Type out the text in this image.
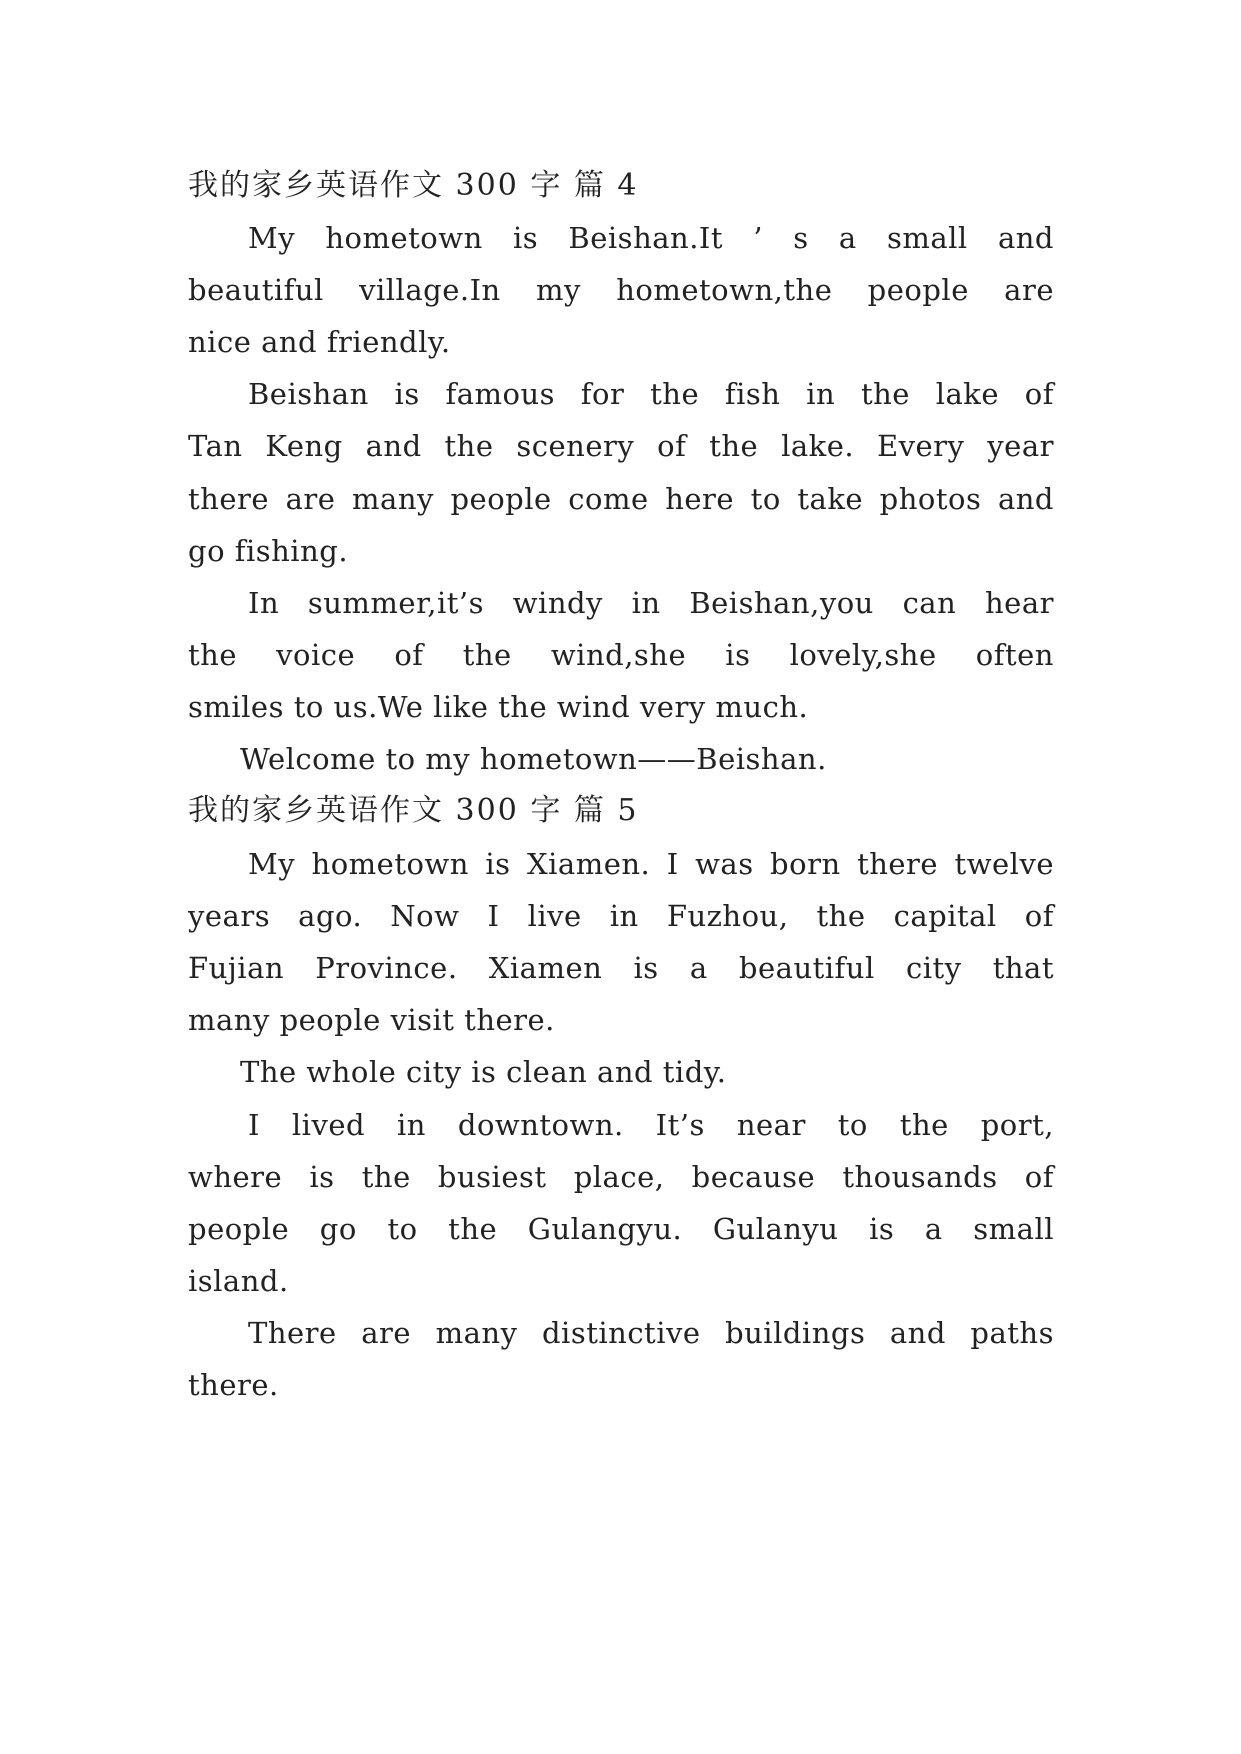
我的家乡英语作文 300 字 篇 4
My hometown is Beishan.It ’ s a small and
beautiful village.In my hometown,the people are
nice and friendly.
Beishan is famous for the fish in the lake of
Tan Keng and the scenery of the lake. Every year
there are many people come here to take photos and
go fishing.
In summer,it’s windy in Beishan,you can hear
the voice of the wind,she is lovely,she often
smiles to us.We like the wind very much.
Welcome to my hometown——Beishan.
我的家乡英语作文 300 字 篇 5
My hometown is Xiamen. I was born there twelve
years ago. Now I live in Fuzhou, the capital of
Fujian Province. Xiamen is a beautiful city that
many people visit there.
The whole city is clean and tidy.
I lived in downtown. It’s near to the port,
where is the busiest place, because thousands of
people go to the Gulangyu. Gulanyu is a small
island.
There are many distinctive buildings and paths
there.
